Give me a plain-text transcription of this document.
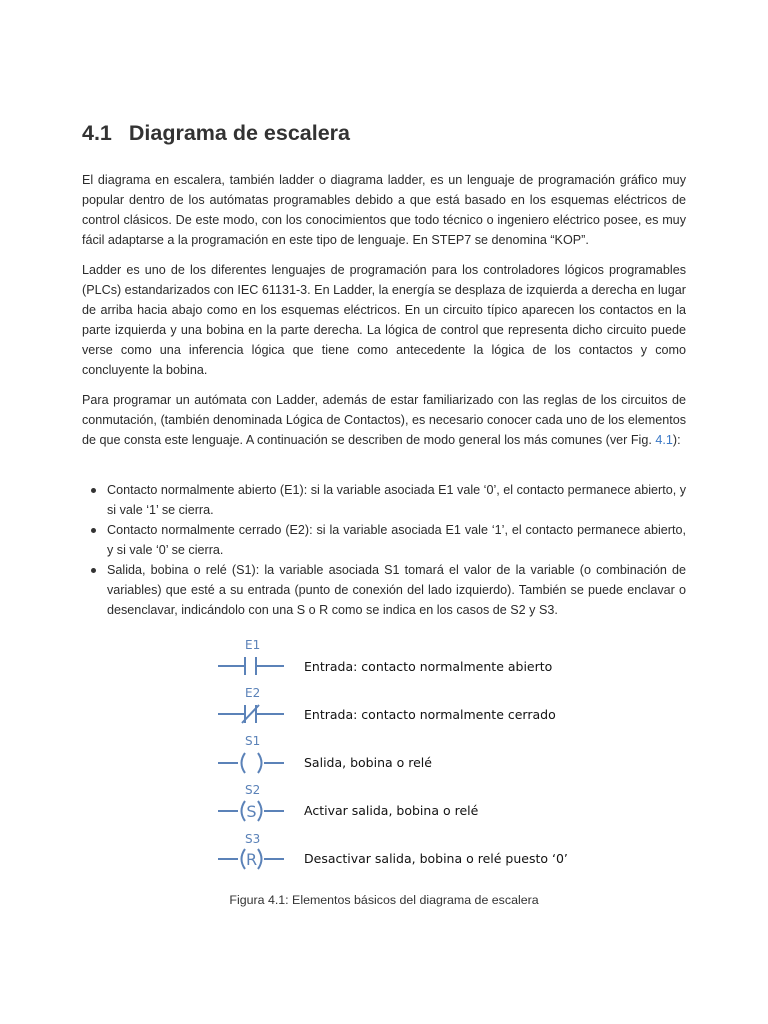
4.1 Diagrama de escalera

El diagrama en escalera, también ladder o diagrama ladder, es un lenguaje de programación gráfico muy popular dentro de los autómatas programables debido a que está basado en los esquemas eléctricos de control clásicos. De este modo, con los conocimientos que todo técnico o ingeniero eléctrico posee, es muy fácil adaptarse a la programación en este tipo de lenguaje. En STEP7 se denomina “KOP”.

Ladder es uno de los diferentes lenguajes de programación para los controladores lógicos programables (PLCs) estandarizados con IEC 61131-3. En Ladder, la energía se desplaza de izquierda a derecha en lugar de arriba hacia abajo como en los esquemas eléctricos. En un circuito típico aparecen los contactos en la parte izquierda y una bobina en la parte derecha. La lógica de control que representa dicho circuito puede verse como una inferencia lógica que tiene como antecedente la lógica de los contactos y como concluyente la bobina.

Para programar un autómata con Ladder, además de estar familiarizado con las reglas de los circuitos de conmutación, (también denominada Lógica de Contactos), es necesario conocer cada uno de los elementos de que consta este lenguaje. A continuación se describen de modo general los más comunes (ver Fig. 4.1):

Contacto normalmente abierto (E1): si la variable asociada E1 vale ‘0’, el contacto permanece abierto, y si vale ‘1’ se cierra.
Contacto normalmente cerrado (E2): si la variable asociada E1 vale ‘1’, el contacto permanece abierto, y si vale ‘0’ se cierra.
Salida, bobina o relé (S1): la variable asociada S1 tomará el valor de la variable (o combinación de variables) que esté a su entrada (punto de conexión del lado izquierdo). También se puede enclavar o desenclavar, indicándolo con una S o R como se indica en los casos de S2 y S3.
E1
Entrada: contacto normalmente abierto
E2
Entrada: contacto normalmente cerrado
S1
Salida, bobina o relé
S2
S	Activar salida, bobina o relé
S3
R	Desactivar salida, bobina o relé puesto ‘0’

Figura 4.1: Elementos básicos del diagrama de escalera
